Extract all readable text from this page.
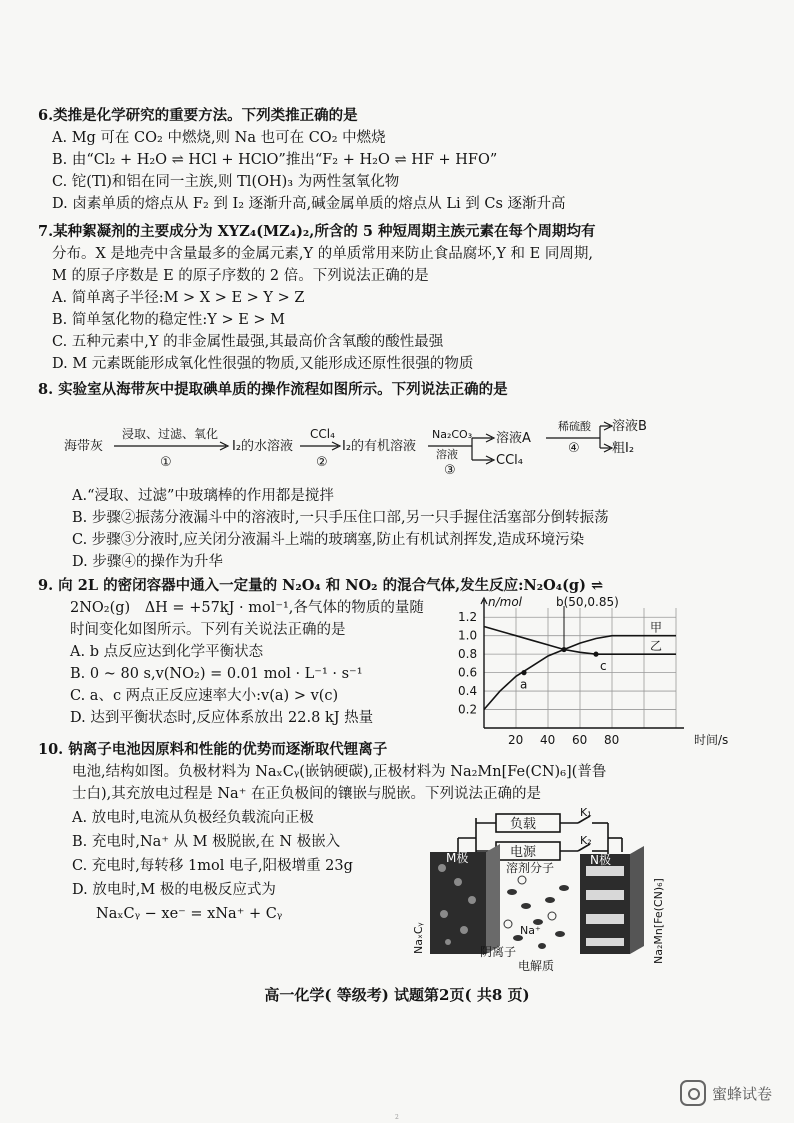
6.类推是化学研究的重要方法。下列类推正确的是
A. Mg 可在 CO₂ 中燃烧,则 Na 也可在 CO₂ 中燃烧
B. 由“Cl₂ + H₂O ⇌ HCl + HClO”推出“F₂ + H₂O ⇌ HF + HFO”
C. 铊(Tl)和铝在同一主族,则 Tl(OH)₃ 为两性氢氧化物
D. 卤素单质的熔点从 F₂ 到 I₂ 逐渐升高,碱金属单质的熔点从 Li 到 Cs 逐渐升高
7.某种絮凝剂的主要成分为 XYZ₄(MZ₄)₂,所含的 5 种短周期主族元素在每个周期均有
分布。X 是地壳中含量最多的金属元素,Y 的单质常用来防止食品腐坏,Y 和 E 同周期,
M 的原子序数是 E 的原子序数的 2 倍。下列说法正确的是
A. 简单离子半径:M > X > E > Y > Z
B. 简单氢化物的稳定性:Y > E > M
C. 五种元素中,Y 的非金属性最强,其最高价含氧酸的酸性最强
D. M 元素既能形成氧化性很强的物质,又能形成还原性很强的物质
8. 实验室从海带灰中提取碘单质的操作流程如图所示。下列说法正确的是
海带灰
浸取、过滤、氧化
①
I₂的水溶液
CCl₄
②
I₂的有机溶液
Na₂CO₃
溶液
③
溶液A
CCl₄
稀硫酸
④
溶液B
粗I₂
A.“浸取、过滤”中玻璃棒的作用都是搅拌
B. 步骤②振荡分液漏斗中的溶液时,一只手压住口部,另一只手握住活塞部分倒转振荡
C. 步骤③分液时,应关闭分液漏斗上端的玻璃塞,防止有机试剂挥发,造成环境污染
D. 步骤④的操作为升华
9. 向 2L 的密闭容器中通入一定量的 N₂O₄ 和 NO₂ 的混合气体,发生反应:N₂O₄(g) ⇌
2NO₂(g)　ΔH = +57kJ · mol⁻¹,各气体的物质的量随
时间变化如图所示。下列有关说法正确的是
A. b 点反应达到化学平衡状态
B. 0 ~ 80 s,v(NO₂) = 0.01 mol · L⁻¹ · s⁻¹
C. a、c 两点正反应速率大小:v(a) > v(c)
D. 达到平衡状态时,反应体系放出 22.8 kJ 热量
20 40 60 80
0.2
0.4
0.6
0.8
1.0
1.2
n/mol
时间/s
甲
乙
a
b(50,0.85)
c
10. 钠离子电池因原料和性能的优势而逐渐取代锂离子
电池,结构如图。负极材料为 NaₓCᵧ(嵌钠硬碳),正极材料为 Na₂Mn[Fe(CN)₆](普鲁
士白),其充放电过程是 Na⁺ 在正负极间的镶嵌与脱嵌。下列说法正确的是
A. 放电时,电流从负极经负载流向正极
B. 充电时,Na⁺ 从 M 极脱嵌,在 N 极嵌入
C. 充电时,每转移 1mol 电子,阳极增重 23g
D. 放电时,M 极的电极反应式为
NaₓCᵧ − xe⁻ = xNa⁺ + Cᵧ
负载
电源
K₁
K₂
M极	N极
溶剂分子
Na⁺
阴离子
电解质
NaₓCᵧ	Na₂Mn[Fe(CN)₆]
高一化学( 等级考) 试题第2页( 共8 页)
蜜蜂试卷
2
